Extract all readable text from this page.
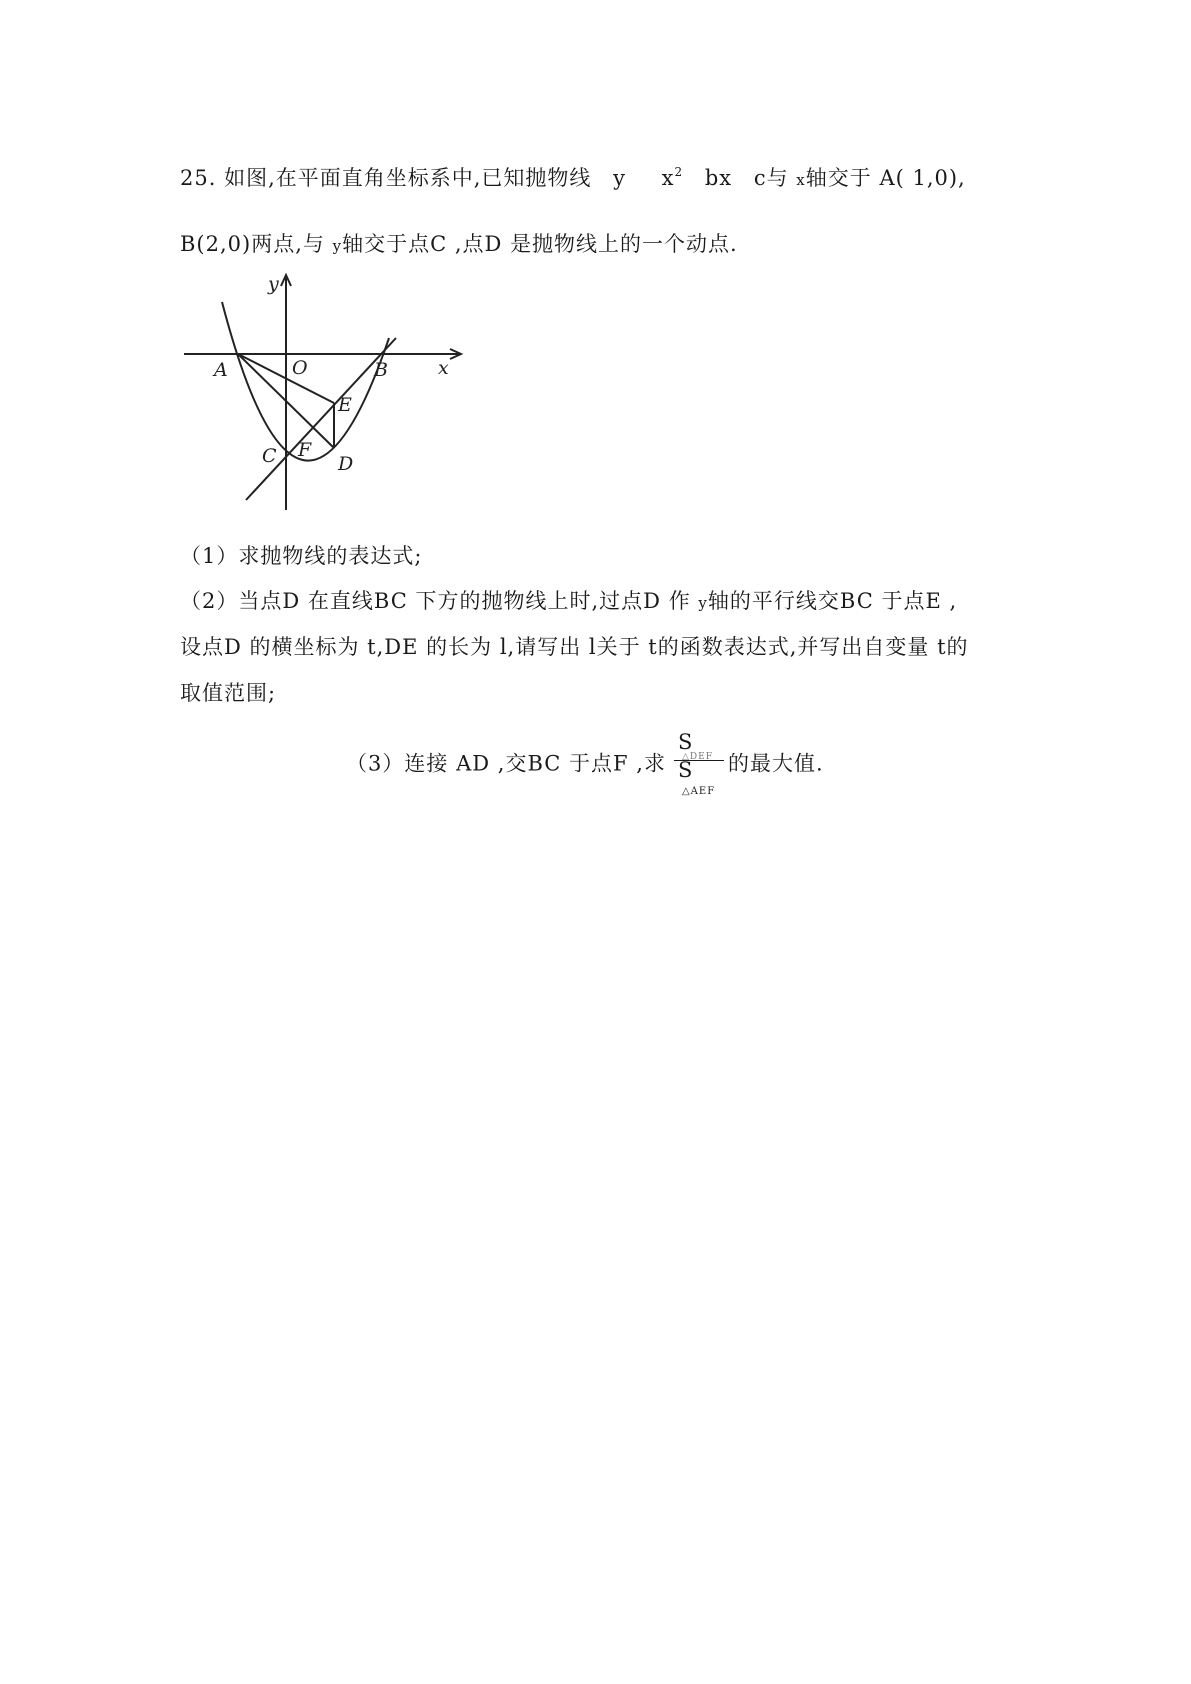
25. 如图,在平面直角坐标系中,已知抛物线 y $x^2$ bx c与 x轴交于 A( 1,0),
B(2,0)两点,与 y轴交于点C ,点D 是抛物线上的一个动点.
y
x
A	O	B
E
F
C	D
（1）求抛物线的表达式;
（2）当点D 在直线BC 下方的抛物线上时,过点D 作 y轴的平行线交BC 于点E ,
设点D 的横坐标为 t,DE 的长为 l,请写出 l关于 t的函数表达式,并写出自变量 t的
取值范围;
（3）连接 AD ,交BC 于点F ,求
S
△DEF
S
△AEF
的最大值.
